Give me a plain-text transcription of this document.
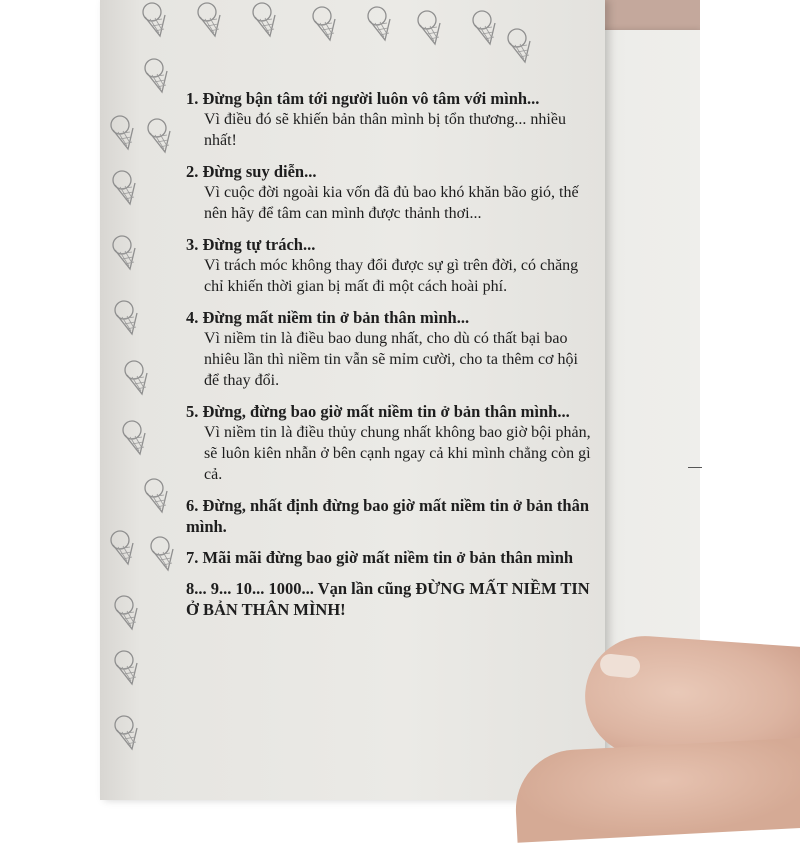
1. Đừng bận tâm tới người luôn vô tâm với mình...
Vì điều đó sẽ khiến bản thân mình bị tổn thương... nhiều nhất!
2. Đừng suy diễn...
Vì cuộc đời ngoài kia vốn đã đủ bao khó khăn bão gió, thế nên hãy để tâm can mình được thảnh thơi...
3. Đừng tự trách...
Vì trách móc không thay đổi được sự gì trên đời, có chăng chỉ khiến thời gian bị mất đi một cách hoài phí.
4. Đừng mất niềm tin ở bản thân mình...
Vì niềm tin là điều bao dung nhất, cho dù có thất bại bao nhiêu lần thì niềm tin vẫn sẽ mỉm cười, cho ta thêm cơ hội để thay đổi.
5. Đừng, đừng bao giờ mất niềm tin ở bản thân mình...
Vì niềm tin là điều thủy chung nhất không bao giờ bội phản, sẽ luôn kiên nhẫn ở bên cạnh ngay cả khi mình chẳng còn gì cả.
6. Đừng, nhất định đừng bao giờ mất niềm tin ở bản thân mình.
7. Mãi mãi đừng bao giờ mất niềm tin ở bản thân mình
8... 9... 10... 1000... Vạn lần cũng ĐỪNG MẤT NIỀM TIN Ở BẢN THÂN MÌNH!
